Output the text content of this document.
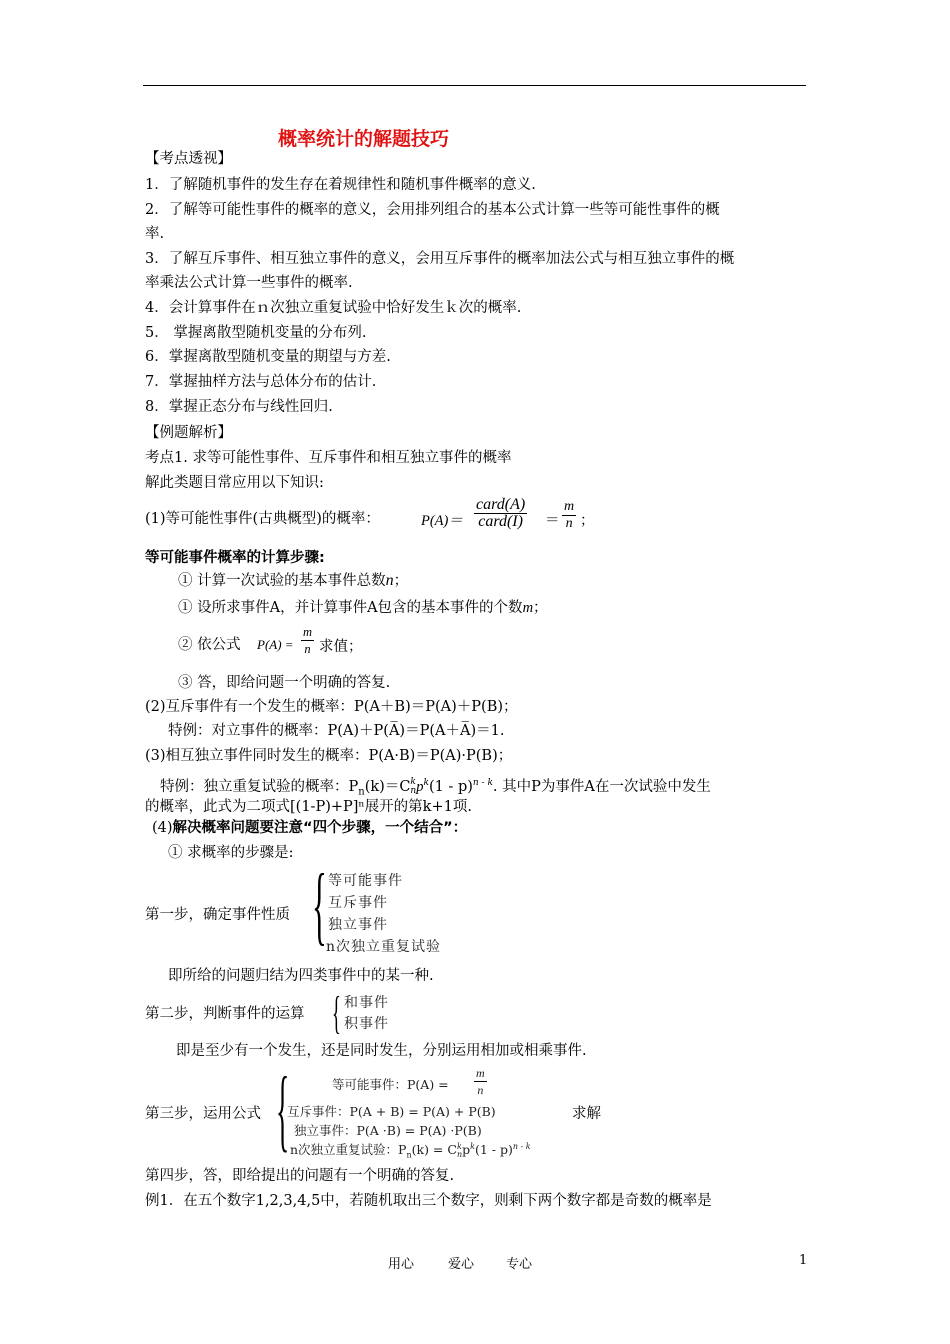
概率统计的解题技巧
【考点透视】
1．了解随机事件的发生存在着规律性和随机事件概率的意义.
2．了解等可能性事件的概率的意义，会用排列组合的基本公式计算一些等可能性事件的概
率.
3．了解互斥事件、相互独立事件的意义，会用互斥事件的概率加法公式与相互独立事件的概
率乘法公式计算一些事件的概率.
4．会计算事件在ｎ次独立重复试验中恰好发生ｋ次的概率.
5． 掌握离散型随机变量的分布列.
6．掌握离散型随机变量的期望与方差.
7．掌握抽样方法与总体分布的估计.
8．掌握正态分布与线性回归.
【例题解析】
考点1. 求等可能性事件、互斥事件和相互独立事件的概率
解此类题目常应用以下知识:
(1)等可能性事件(古典概型)的概率：	$P(A)= \frac{\text{card(A)}}{\text{card(I)}} = \frac{m}{n}$ ；
等可能事件概率的计算步骤:
① 计算一次试验的基本事件总数n；
① 设所求事件A，并计算事件A包含的基本事件的个数m；
② 依公式 $P(A) = \frac{m}{n}$ 求值；
③ 答，即给问题一个明确的答复.
(2)互斥事件有一个发生的概率：P(A＋B)＝P(A)＋P(B)；
特例：对立事件的概率：P(A)＋P(A̅)＝P(A＋A̅)＝1.
(3)相互独立事件同时发生的概率：P(A·B)＝P(A)·P(B)；
特例：独立重复试验的概率：$P_n(k)=C$ k
n $p^k(1 - p)^{n - k}$. 其中P为事件A在一次试验中发生
的概率，此式为二项式[(1-P)+P]ⁿ展开的第k+1项.
(4)解决概率问题要注意“四个步骤，一个结合”：
① 求概率的步骤是:
第一步，确定事件性质 { 等可能事件
互斥事件
独立事件
n次独立重复试验
即所给的问题归结为四类事件中的某一种.
第二步，判断事件的运算 { 和事件
积事件
即是至少有一个发生，还是同时发生，分别运用相加或相乘事件.
第三步，运用公式 {	等可能事件：$P(A) = \frac{m}{n}$
互斥事件：P(A + B) = P(A) + P(B)
独立事件：P(A ·B) = P(A) ·P(B)
n次独立重复试验：$P_n(k) = C$ k
n $p^k(1 - p)^{n - k}$
求解
第四步，答，即给提出的问题有一个明确的答复.
例1．在五个数字1,2,3,4,5中，若随机取出三个数字，则剩下两个数字都是奇数的概率是
用心	爱心 专心	1
